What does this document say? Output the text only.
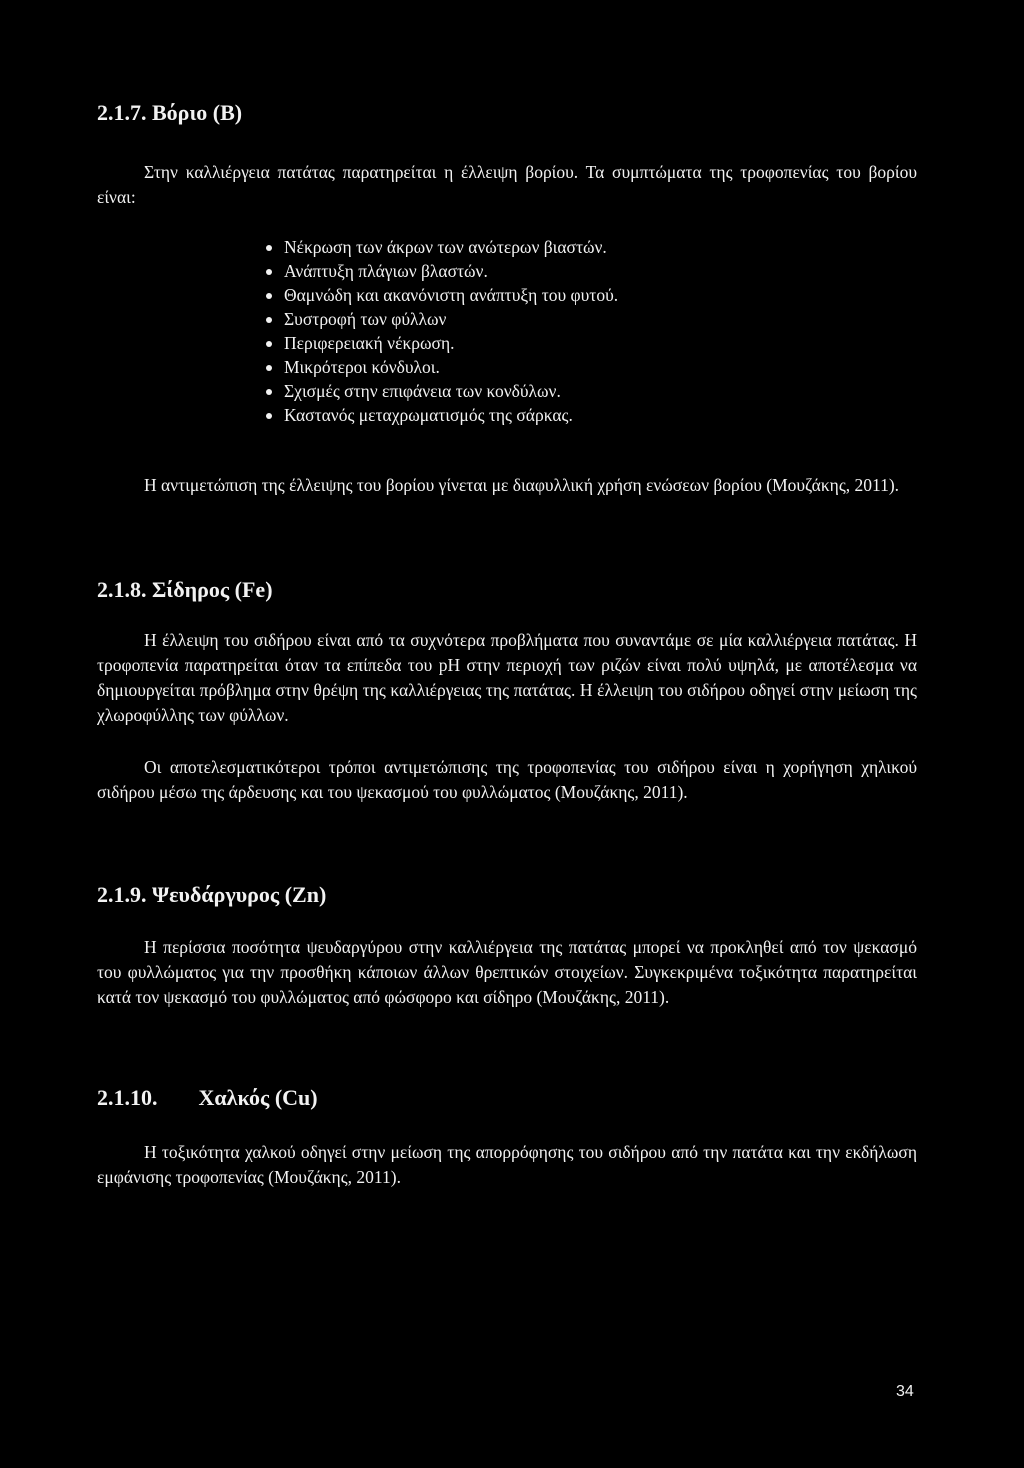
2.1.7. Βόριο (Β)
Στην καλλιέργεια πατάτας παρατηρείται η έλλειψη βορίου. Τα συμπτώματα της τροφοπενίας του βορίου είναι:
Νέκρωση των άκρων των ανώτερων βιαστών.
Ανάπτυξη πλάγιων βλαστών.
Θαμνώδη και ακανόνιστη ανάπτυξη του φυτού.
Συστροφή των φύλλων
Περιφερειακή νέκρωση.
Μικρότεροι κόνδυλοι.
Σχισμές στην επιφάνεια των κονδύλων.
Καστανός μεταχρωματισμός της σάρκας.
Η αντιμετώπιση της έλλειψης του βορίου γίνεται με διαφυλλική χρήση ενώσεων βορίου (Μουζάκης, 2011).
2.1.8. Σίδηρος (Fe)
Η έλλειψη του σιδήρου είναι από τα συχνότερα προβλήματα που συναντάμε σε μία καλλιέργεια πατάτας. Η τροφοπενία παρατηρείται όταν τα επίπεδα του pH στην περιοχή των ριζών είναι πολύ υψηλά, με αποτέλεσμα να δημιουργείται πρόβλημα στην θρέψη της καλλιέργειας της πατάτας. Η έλλειψη του σιδήρου οδηγεί στην μείωση της χλωροφύλλης των φύλλων.
Οι αποτελεσματικότεροι τρόποι αντιμετώπισης της τροφοπενίας του σιδήρου είναι η χορήγηση χηλικού σιδήρου μέσω της άρδευσης και του ψεκασμού του φυλλώματος (Μουζάκης, 2011).
2.1.9. Ψευδάργυρος (Zn)
Η περίσσια ποσότητα ψευδαργύρου στην καλλιέργεια της πατάτας μπορεί να προκληθεί από τον ψεκασμό του φυλλώματος για την προσθήκη κάποιων άλλων θρεπτικών στοιχείων. Συγκεκριμένα τοξικότητα παρατηρείται κατά τον ψεκασμό του φυλλώματος από φώσφορο και σίδηρο (Μουζάκης, 2011).
2.1.10. Χαλκός (Cu)
Η τοξικότητα χαλκού οδηγεί στην μείωση της απορρόφησης του σιδήρου από την πατάτα και την εκδήλωση εμφάνισης τροφοπενίας (Μουζάκης, 2011).
34
